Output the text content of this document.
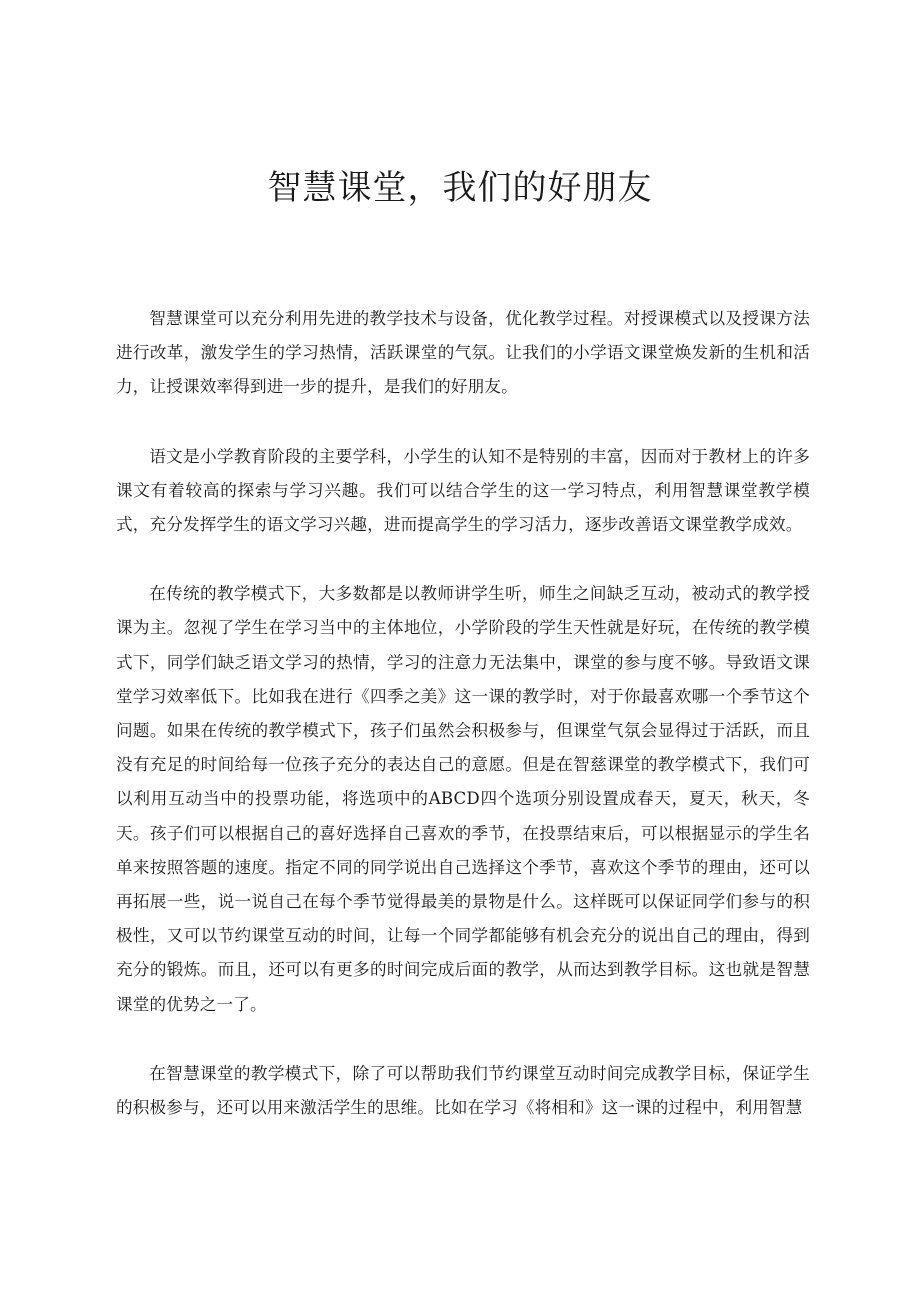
智慧课堂，我们的好朋友

智慧课堂可以充分利用先进的教学技术与设备，优化教学过程。对授课模式以及授课方法进行改革，激发学生的学习热情，活跃课堂的气氛。让我们的小学语文课堂焕发新的生机和活力，让授课效率得到进一步的提升，是我们的好朋友。

语文是小学教育阶段的主要学科，小学生的认知不是特别的丰富，因而对于教材上的许多课文有着较高的探索与学习兴趣。我们可以结合学生的这一学习特点，利用智慧课堂教学模式，充分发挥学生的语文学习兴趣，进而提高学生的学习活力，逐步改善语文课堂教学成效。

在传统的教学模式下，大多数都是以教师讲学生听，师生之间缺乏互动，被动式的教学授课为主。忽视了学生在学习当中的主体地位，小学阶段的学生天性就是好玩，在传统的教学模式下，同学们缺乏语文学习的热情，学习的注意力无法集中，课堂的参与度不够。导致语文课堂学习效率低下。比如我在进行《四季之美》这一课的教学时，对于你最喜欢哪一个季节这个问题。如果在传统的教学模式下，孩子们虽然会积极参与，但课堂气氛会显得过于活跃，而且没有充足的时间给每一位孩子充分的表达自己的意愿。但是在智慈课堂的教学模式下，我们可以利用互动当中的投票功能，将选项中的ABCD四个选项分别设置成春天，夏天，秋天，冬天。孩子们可以根据自己的喜好选择自己喜欢的季节，在投票结束后，可以根据显示的学生名单来按照答题的速度。指定不同的同学说出自己选择这个季节，喜欢这个季节的理由，还可以再拓展一些，说一说自己在每个季节觉得最美的景物是什么。这样既可以保证同学们参与的积极性，又可以节约课堂互动的时间，让每一个同学都能够有机会充分的说出自己的理由，得到充分的锻炼。而且，还可以有更多的时间完成后面的教学，从而达到教学目标。这也就是智慧课堂的优势之一了。

在智慧课堂的教学模式下，除了可以帮助我们节约课堂互动时间完成教学目标，保证学生的积极参与，还可以用来激活学生的思维。比如在学习《将相和》这一课的过程中，利用智慧
